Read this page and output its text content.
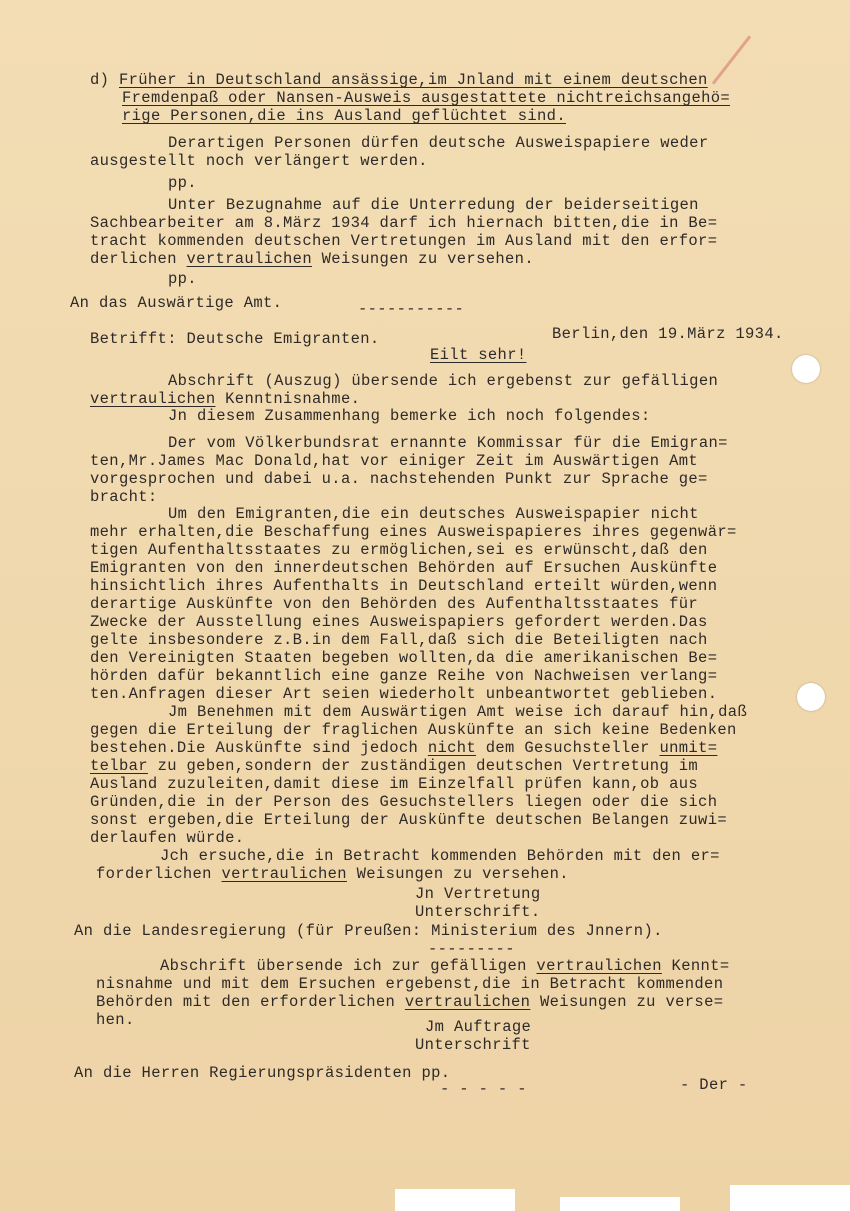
d) Früher in Deutschland ansässige,im Jnland mit einem deutschen
Fremdenpaß oder Nansen-Ausweis ausgestattete nichtreichsangehö=
rige Personen,die ins Ausland geflüchtet sind.
Derartigen Personen dürfen deutsche Ausweispapiere weder
ausgestellt noch verlängert werden.
pp.
Unter Bezugnahme auf die Unterredung der beiderseitigen
Sachbearbeiter am 8.März 1934 darf ich hiernach bitten,die in Be=
tracht kommenden deutschen Vertretungen im Ausland mit den erfor=
derlichen vertraulichen Weisungen zu versehen.
pp.
An das Auswärtige Amt.	-----------
Betrifft: Deutsche Emigranten.	Berlin,den 19.März 1934.
Eilt sehr!
Abschrift (Auszug) übersende ich ergebenst zur gefälligen
vertraulichen Kenntnisnahme.
Jn diesem Zusammenhang bemerke ich noch folgendes:
Der vom Völkerbundsrat ernannte Kommissar für die Emigran=
ten,Mr.James Mac Donald,hat vor einiger Zeit im Auswärtigen Amt
vorgesprochen und dabei u.a. nachstehenden Punkt zur Sprache ge=
bracht:
Um den Emigranten,die ein deutsches Ausweispapier nicht
mehr erhalten,die Beschaffung eines Ausweispapieres ihres gegenwär=
tigen Aufenthaltsstaates zu ermöglichen,sei es erwünscht,daß den
Emigranten von den innerdeutschen Behörden auf Ersuchen Auskünfte
hinsichtlich ihres Aufenthalts in Deutschland erteilt würden,wenn
derartige Auskünfte von den Behörden des Aufenthaltsstaates für
Zwecke der Ausstellung eines Ausweispapiers gefordert werden.Das
gelte insbesondere z.B.in dem Fall,daß sich die Beteiligten nach
den Vereinigten Staaten begeben wollten,da die amerikanischen Be=
hörden dafür bekanntlich eine ganze Reihe von Nachweisen verlang=
ten.Anfragen dieser Art seien wiederholt unbeantwortet geblieben.
Jm Benehmen mit dem Auswärtigen Amt weise ich darauf hin,daß
gegen die Erteilung der fraglichen Auskünfte an sich keine Bedenken
bestehen.Die Auskünfte sind jedoch nicht dem Gesuchsteller unmit=
telbar zu geben,sondern der zuständigen deutschen Vertretung im
Ausland zuzuleiten,damit diese im Einzelfall prüfen kann,ob aus
Gründen,die in der Person des Gesuchstellers liegen oder die sich
sonst ergeben,die Erteilung der Auskünfte deutschen Belangen zuwi=
derlaufen würde.
Jch ersuche,die in Betracht kommenden Behörden mit den er=
forderlichen vertraulichen Weisungen zu versehen.
Jn Vertretung
Unterschrift.
An die Landesregierung (für Preußen: Ministerium des Jnnern).
---------
Abschrift übersende ich zur gefälligen vertraulichen Kennt=
nisnahme und mit dem Ersuchen ergebenst,die in Betracht kommenden
Behörden mit den erforderlichen vertraulichen Weisungen zu verse=
hen.	Jm Auftrage
Unterschrift
An die Herren Regierungspräsidenten pp.
- - - - -	- Der -
